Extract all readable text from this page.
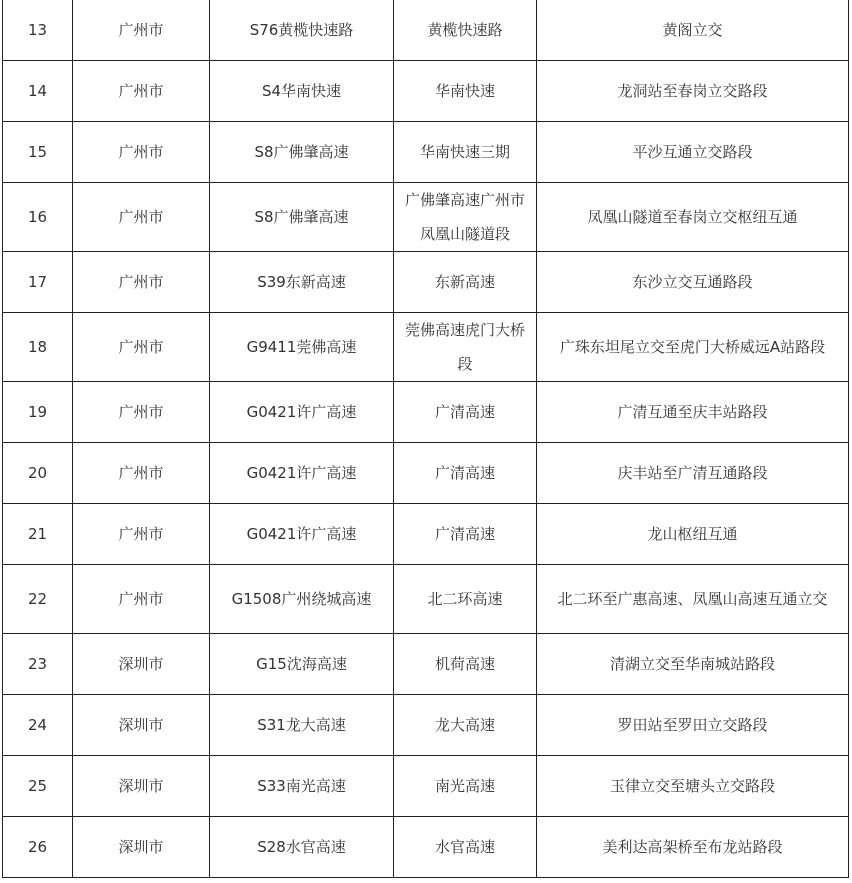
13	广州市	S76黄榄快速路	黄榄快速路	黄阁立交
14	广州市	S4华南快速	华南快速	龙洞站至春岗立交路段
15	广州市	S8广佛肇高速	华南快速三期	平沙互通立交路段
16	广州市	S8广佛肇高速	广佛肇高速广州市凤凰山隧道段	凤凰山隧道至春岗立交枢纽互通
17	广州市	S39东新高速	东新高速	东沙立交互通路段
18	广州市	G9411莞佛高速	莞佛高速虎门大桥段	广珠东坦尾立交至虎门大桥威远A站路段
19	广州市	G0421许广高速	广清高速	广清互通至庆丰站路段
20	广州市	G0421许广高速	广清高速	庆丰站至广清互通路段
21	广州市	G0421许广高速	广清高速	龙山枢纽互通
22	广州市	G1508广州绕城高速	北二环高速	北二环至广惠高速、凤凰山高速互通立交
23	深圳市	G15沈海高速	机荷高速	清湖立交至华南城站路段
24	深圳市	S31龙大高速	龙大高速	罗田站至罗田立交路段
25	深圳市	S33南光高速	南光高速	玉律立交至塘头立交路段
26	深圳市	S28水官高速	水官高速	美利达高架桥至布龙站路段
